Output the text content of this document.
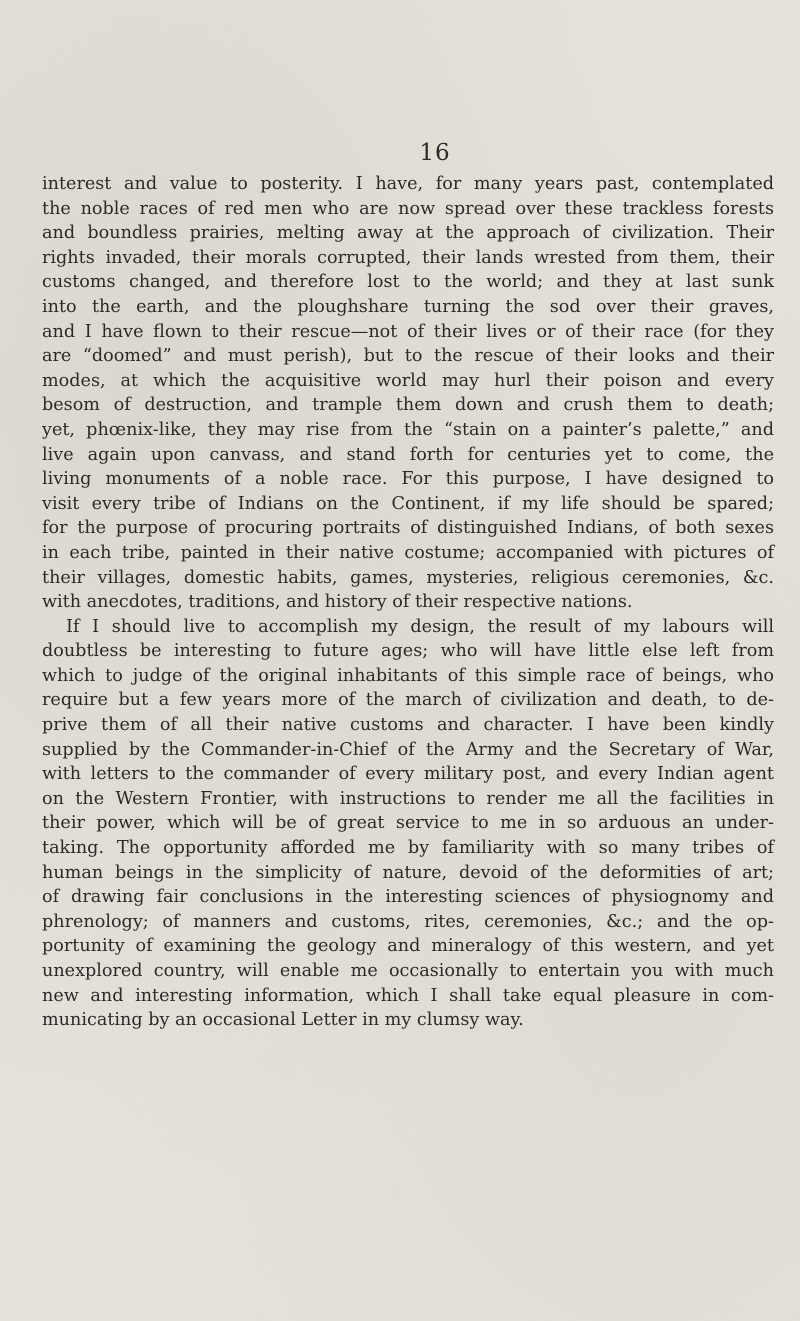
16
interest and value to posterity. I have, for many years past, contemplated
the noble races of red men who are now spread over these trackless forests
and boundless prairies, melting away at the approach of civilization. Their
rights invaded, their morals corrupted, their lands wrested from them, their
customs changed, and therefore lost to the world; and they at last sunk
into the earth, and the ploughshare turning the sod over their graves,
and I have flown to their rescue—not of their lives or of their race (for they
are “doomed” and must perish), but to the rescue of their looks and their
modes, at which the acquisitive world may hurl their poison and every
besom of destruction, and trample them down and crush them to death;
yet, phœnix-like, they may rise from the “stain on a painter’s palette,” and
live again upon canvass, and stand forth for centuries yet to come, the
living monuments of a noble race. For this purpose, I have designed to
visit every tribe of Indians on the Continent, if my life should be spared;
for the purpose of procuring portraits of distinguished Indians, of both sexes
in each tribe, painted in their native costume; accompanied with pictures of
their villages, domestic habits, games, mysteries, religious ceremonies, &c.
with anecdotes, traditions, and history of their respective nations.
If I should live to accomplish my design, the result of my labours will
doubtless be interesting to future ages; who will have little else left from
which to judge of the original inhabitants of this simple race of beings, who
require but a few years more of the march of civilization and death, to de-
prive them of all their native customs and character. I have been kindly
supplied by the Commander-in-Chief of the Army and the Secretary of War,
with letters to the commander of every military post, and every Indian agent
on the Western Frontier, with instructions to render me all the facilities in
their power, which will be of great service to me in so arduous an under-
taking. The opportunity afforded me by familiarity with so many tribes of
human beings in the simplicity of nature, devoid of the deformities of art;
of drawing fair conclusions in the interesting sciences of physiognomy and
phrenology; of manners and customs, rites, ceremonies, &c.; and the op-
portunity of examining the geology and mineralogy of this western, and yet
unexplored country, will enable me occasionally to entertain you with much
new and interesting information, which I shall take equal pleasure in com-
municating by an occasional Letter in my clumsy way.
